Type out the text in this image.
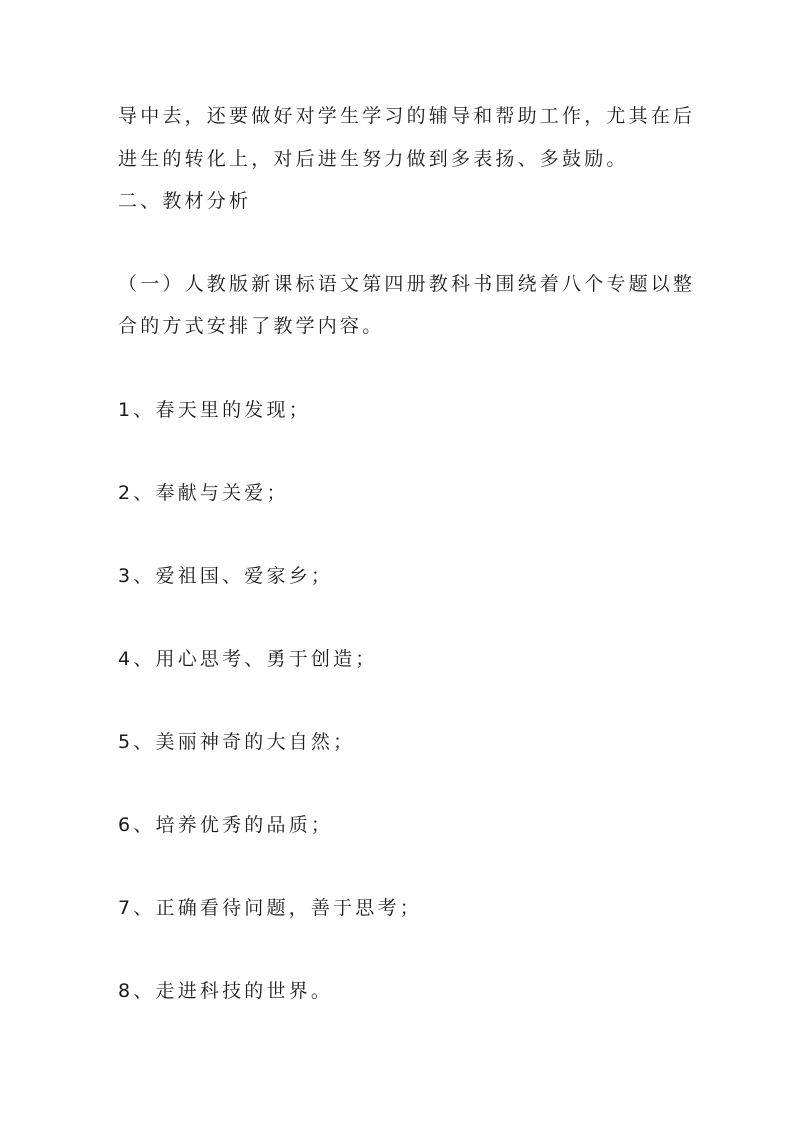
导中去，还要做好对学生学习的辅导和帮助工作，尤其在后
进生的转化上，对后进生努力做到多表扬、多鼓励。
二、教材分析
（一）人教版新课标语文第四册教科书围绕着八个专题以整
合的方式安排了教学内容。
1、春天里的发现；
2、奉献与关爱；
3、爱祖国、爱家乡；
4、用心思考、勇于创造；
5、美丽神奇的大自然；
6、培养优秀的品质；
7、正确看待问题，善于思考；
8、走进科技的世界。
